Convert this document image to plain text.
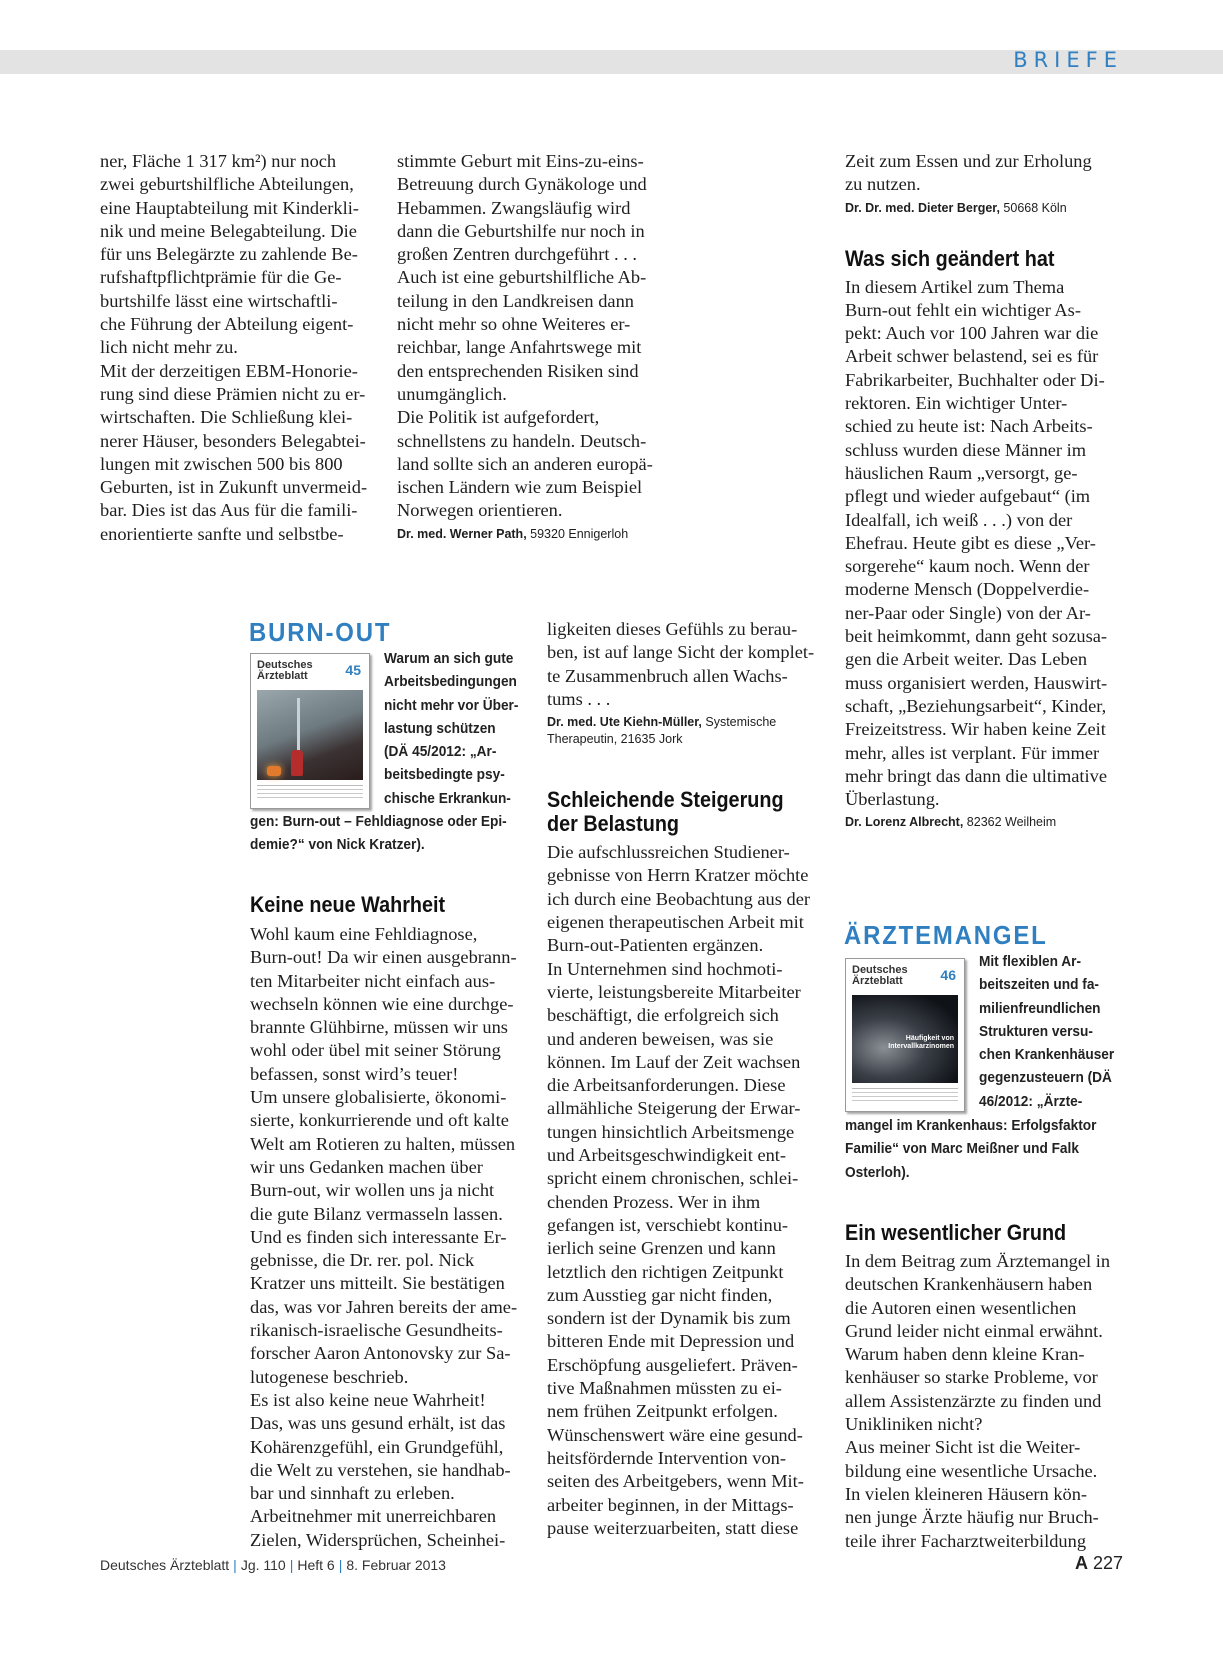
BRIEFE

ner, Fläche 1 317 km²) nur noch

zwei geburtshilfliche Abteilungen,

eine Hauptabteilung mit Kinderkli-

nik und meine Belegabteilung. Die

für uns Belegärzte zu zahlende Be-

rufshaftpflichtprämie für die Ge-

burtshilfe lässt eine wirtschaftli-

che Führung der Abteilung eigent-

lich nicht mehr zu.

Mit der derzeitigen EBM-Honorie-

rung sind diese Prämien nicht zu er-

wirtschaften. Die Schließung klei-

nerer Häuser, besonders Belegabtei-

lungen mit zwischen 500 bis 800

Geburten, ist in Zukunft unvermeid-

bar. Dies ist das Aus für die famili-

enorientierte sanfte und selbstbe-

stimmte Geburt mit Eins-zu-eins-

Betreuung durch Gynäkologe und

Hebammen. Zwangsläufig wird

dann die Geburtshilfe nur noch in

großen Zentren durchgeführt . . .

Auch ist eine geburtshilfliche Ab-

teilung in den Landkreisen dann

nicht mehr so ohne Weiteres er-

reichbar, lange Anfahrtswege mit

den entsprechenden Risiken sind

unumgänglich.

Die Politik ist aufgefordert,

schnellstens zu handeln. Deutsch-

land sollte sich an anderen europä-

ischen Ländern wie zum Beispiel

Norwegen orientieren.

Dr. med. Werner Path, 59320 Ennigerloh

Zeit zum Essen und zur Erholung

zu nutzen.

Dr. Dr. med. Dieter Berger, 50668 Köln
Was sich geändert hat

In diesem Artikel zum Thema

Burn-out fehlt ein wichtiger As-

pekt: Auch vor 100 Jahren war die

Arbeit schwer belastend, sei es für

Fabrikarbeiter, Buchhalter oder Di-

rektoren. Ein wichtiger Unter-

schied zu heute ist: Nach Arbeits-

schluss wurden diese Männer im

häuslichen Raum „versorgt, ge-

pflegt und wieder aufgebaut“ (im

Idealfall, ich weiß . . .) von der

Ehefrau. Heute gibt es diese „Ver-

sorgerehe“ kaum noch. Wenn der

moderne Mensch (Doppelverdie-

ner-Paar oder Single) von der Ar-

beit heimkommt, dann geht sozusa-

gen die Arbeit weiter. Das Leben

muss organisiert werden, Hauswirt-

schaft, „Beziehungsarbeit“, Kinder,

Freizeitstress. Wir haben keine Zeit

mehr, alles ist verplant. Für immer

mehr bringt das dann die ultimative

Überlastung.

Dr. Lorenz Albrecht, 82362 Weilheim
BURN-OUT
Deutsches
Ärzteblatt	45

Warum an sich gute

Arbeitsbedingungen

nicht mehr vor Über-

lastung schützen

(DÄ 45/2012: „Ar-

beitsbedingte psy-

chische Erkrankun-

gen: Burn-out – Fehldiagnose oder Epi-

demie?“ von Nick Kratzer).

Keine neue Wahrheit

Wohl kaum eine Fehldiagnose,

Burn-out! Da wir einen ausgebrann-

ten Mitarbeiter nicht einfach aus-

wechseln können wie eine durchge-

brannte Glühbirne, müssen wir uns

wohl oder übel mit seiner Störung

befassen, sonst wird’s teuer!

Um unsere globalisierte, ökonomi-

sierte, konkurrierende und oft kalte

Welt am Rotieren zu halten, müssen

wir uns Gedanken machen über

Burn-out, wir wollen uns ja nicht

die gute Bilanz vermasseln lassen.

Und es finden sich interessante Er-

gebnisse, die Dr. rer. pol. Nick

Kratzer uns mitteilt. Sie bestätigen

das, was vor Jahren bereits der ame-

rikanisch-israelische Gesundheits-

forscher Aaron Antonovsky zur Sa-

lutogenese beschrieb.

Es ist also keine neue Wahrheit!

Das, was uns gesund erhält, ist das

Kohärenzgefühl, ein Grundgefühl,

die Welt zu verstehen, sie handhab-

bar und sinnhaft zu erleben.

Arbeitnehmer mit unerreichbaren

Zielen, Widersprüchen, Scheinhei-

ligkeiten dieses Gefühls zu berau-

ben, ist auf lange Sicht der komplet-

te Zusammenbruch allen Wachs-

tums . . .

Dr. med. Ute Kiehn-Müller, Systemische
Therapeutin, 21635 Jork
Schleichende Steigerung
der Belastung

Die aufschlussreichen Studiener-

gebnisse von Herrn Kratzer möchte

ich durch eine Beobachtung aus der

eigenen therapeutischen Arbeit mit

Burn-out-Patienten ergänzen.

In Unternehmen sind hochmoti-

vierte, leistungsbereite Mitarbeiter

beschäftigt, die erfolgreich sich

und anderen beweisen, was sie

können. Im Lauf der Zeit wachsen

die Arbeitsanforderungen. Diese

allmähliche Steigerung der Erwar-

tungen hinsichtlich Arbeitsmenge

und Arbeitsgeschwindigkeit ent-

spricht einem chronischen, schlei-

chenden Prozess. Wer in ihm

gefangen ist, verschiebt kontinu-

ierlich seine Grenzen und kann

letztlich den richtigen Zeitpunkt

zum Ausstieg gar nicht finden,

sondern ist der Dynamik bis zum

bitteren Ende mit Depression und

Erschöpfung ausgeliefert. Präven-

tive Maßnahmen müssten zu ei-

nem frühen Zeitpunkt erfolgen.

Wünschenswert wäre eine gesund-

heitsfördernde Intervention von-

seiten des Arbeitgebers, wenn Mit-

arbeiter beginnen, in der Mittags-

pause weiterzuarbeiten, statt diese

ÄRZTEMANGEL
Deutsches
Ärzteblatt	46
Häufigkeit von
Intervallkarzinomen

Mit flexiblen Ar-

beitszeiten und fa-

milienfreundlichen

Strukturen versu-

chen Krankenhäuser

gegenzusteuern (DÄ

46/2012: „Ärzte-

mangel im Krankenhaus: Erfolgsfaktor

Familie“ von Marc Meißner und Falk

Osterloh).

Ein wesentlicher Grund

In dem Beitrag zum Ärztemangel in

deutschen Krankenhäusern haben

die Autoren einen wesentlichen

Grund leider nicht einmal erwähnt.

Warum haben denn kleine Kran-

kenhäuser so starke Probleme, vor

allem Assistenzärzte zu finden und

Unikliniken nicht?

Aus meiner Sicht ist die Weiter-

bildung eine wesentliche Ursache.

In vielen kleineren Häusern kön-

nen junge Ärzte häufig nur Bruch-

teile ihrer Facharztweiterbildung

Deutsches Ärzteblatt | Jg. 110 | Heft 6 | 8. Februar 2013	A 227
